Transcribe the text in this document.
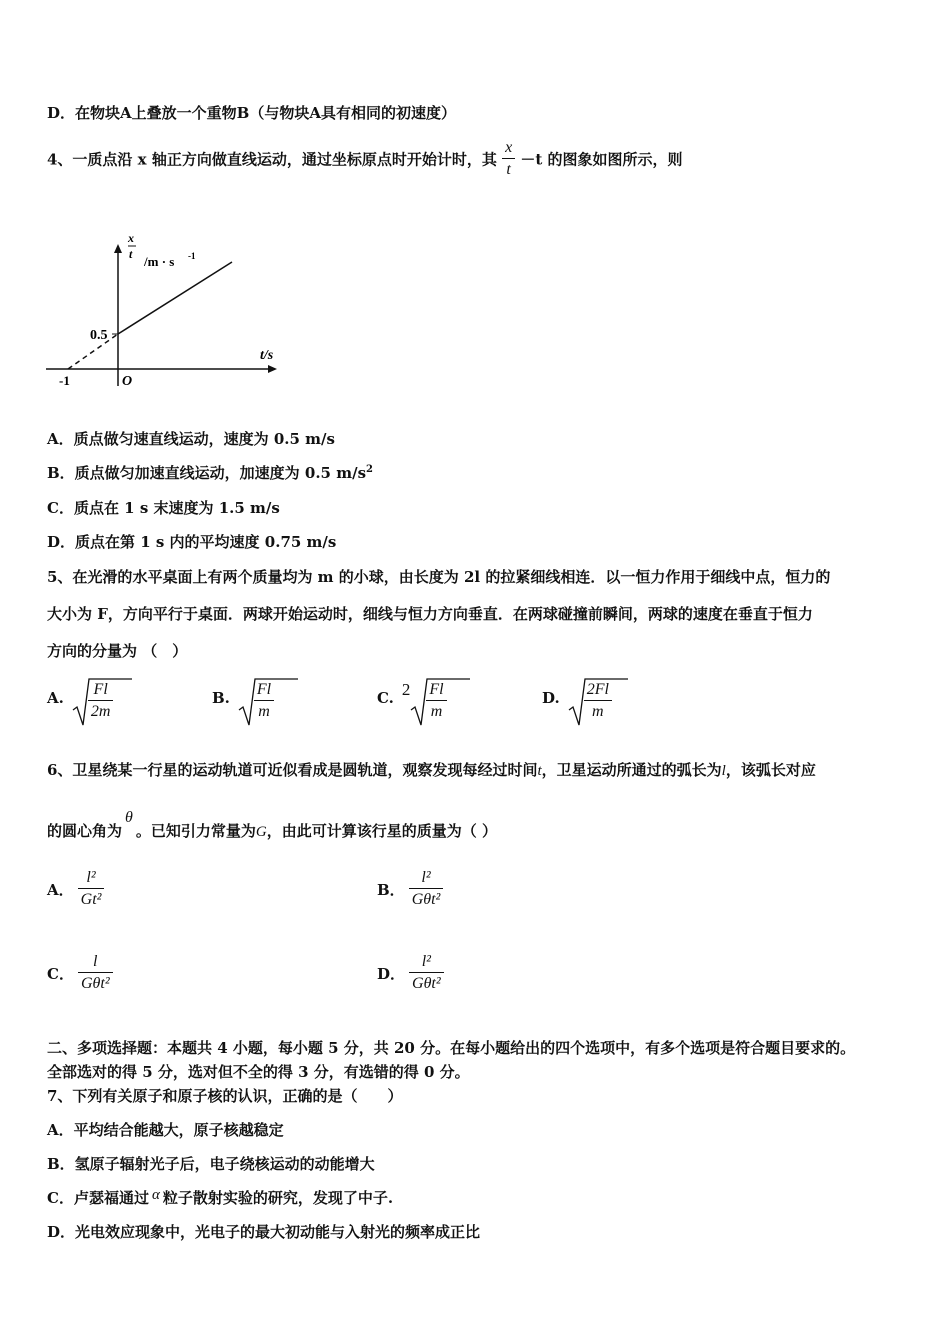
D．在物块A上叠放一个重物B（与物块A具有相同的初速度）
4、一质点沿 x 轴正方向做直线运动，通过坐标原点时开始计时，其 $\frac{x}{t} -t$ 的图象如图所示，则
x
t /m · s -1
t/s
0.5
-1	O
A．质点做匀速直线运动，速度为 0.5 m/s
B．质点做匀加速直线运动，加速度为 0.5 $m/s^2$
C．质点在 1 s 末速度为 1.5 m/s
D．质点在第 1 s 内的平均速度 0.75 m/s
5、在光滑的水平桌面上有两个质量均为 m 的小球，由长度为 2l 的拉紧细线相连．以一恒力作用于细线中点，恒力的
大小为 F，方向平行于桌面．两球开始运动时，细线与恒力方向垂直．在两球碰撞前瞬间，两球的速度在垂直于恒力
方向的分量为 （　）
A. $\frac{Fl}{2m}$	B. $\frac{Fl}{m}$	C. $2 \frac{Fl}{m}$	D. $\frac{2Fl}{m}$
6、卫星绕某一行星的运动轨道可近似看成是圆轨道，观察发现每经过时间t，卫星运动所通过的弧长为l，该弧长对应
的圆心角为θ。已知引力常量为G，由此可计算该行星的质量为（ ）
A． $\frac{\text{l²}}{\text{Gt²}}$	B． $\frac{\text{l²}}{\text{Gθt²}}$
C． $\frac{l}{\text{Gθt²}}$	D． $\frac{\text{l²}}{\text{Gθt²}}$
二、多项选择题：本题共 4 小题，每小题 5 分，共 20 分。在每小题给出的四个选项中，有多个选项是符合题目要求的。
全部选对的得 5 分，选对但不全的得 3 分，有选错的得 0 分。
7、下列有关原子和原子核的认识，正确的是（　　）
A．平均结合能越大，原子核越稳定
B．氢原子辐射光子后，电子绕核运动的动能增大
C．卢瑟福通过 α 粒子散射实验的研究，发现了中子.
D．光电效应现象中，光电子的最大初动能与入射光的频率成正比
